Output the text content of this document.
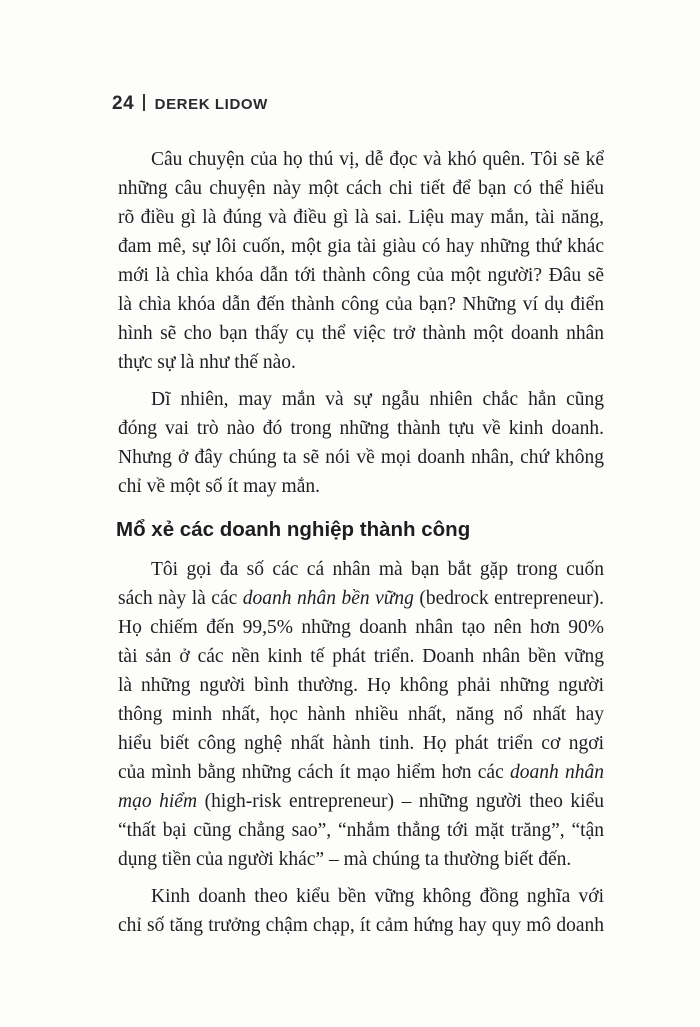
24 DEREK LIDOW
Câu chuyện của họ thú vị, dễ đọc và khó quên. Tôi sẽ kể
những câu chuyện này một cách chi tiết để bạn có thể hiểu
rõ điều gì là đúng và điều gì là sai. Liệu may mắn, tài năng,
đam mê, sự lôi cuốn, một gia tài giàu có hay những thứ khác
mới là chìa khóa dẫn tới thành công của một người? Đâu sẽ
là chìa khóa dẫn đến thành công của bạn? Những ví dụ điển
hình sẽ cho bạn thấy cụ thể việc trở thành một doanh nhân
thực sự là như thế nào.
Dĩ nhiên, may mắn và sự ngẫu nhiên chắc hẳn cũng
đóng vai trò nào đó trong những thành tựu về kinh doanh.
Nhưng ở đây chúng ta sẽ nói về mọi doanh nhân, chứ không
chỉ về một số ít may mắn.
Mổ xẻ các doanh nghiệp thành công
Tôi gọi đa số các cá nhân mà bạn bắt gặp trong cuốn
sách này là các doanh nhân bền vững (bedrock entrepreneur).
Họ chiếm đến 99,5% những doanh nhân tạo nên hơn 90%
tài sản ở các nền kinh tế phát triển. Doanh nhân bền vững
là những người bình thường. Họ không phải những người
thông minh nhất, học hành nhiều nhất, năng nổ nhất hay
hiểu biết công nghệ nhất hành tinh. Họ phát triển cơ ngơi
của mình bằng những cách ít mạo hiểm hơn các doanh nhân
mạo hiểm (high-risk entrepreneur) – những người theo kiểu
“thất bại cũng chẳng sao”, “nhắm thẳng tới mặt trăng”, “tận
dụng tiền của người khác” – mà chúng ta thường biết đến.
Kinh doanh theo kiểu bền vững không đồng nghĩa với
chỉ số tăng trưởng chậm chạp, ít cảm hứng hay quy mô doanh
